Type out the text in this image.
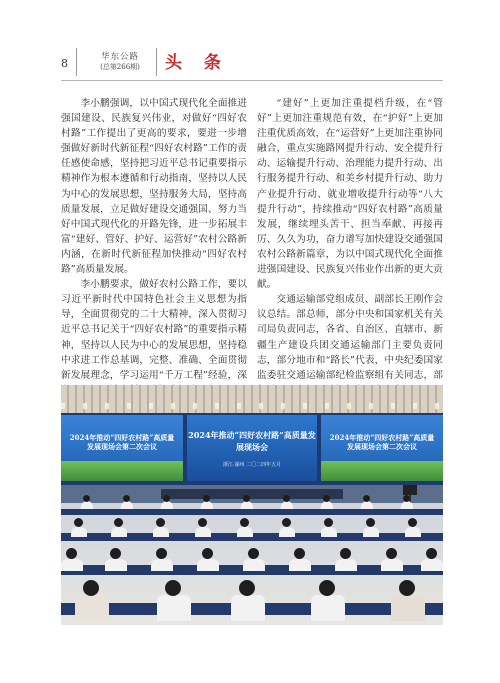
8	华东公路
(总第266期)	头 条

李小鹏强调，以中国式现代化全面推进强国建设、民族复兴伟业，对做好“四好农村路”工作提出了更高的要求，要进一步增强做好新时代新征程“四好农村路”工作的责任感使命感，坚持把习近平总书记重要指示精神作为根本遵循和行动指南，坚持以人民为中心的发展思想，坚持服务大局，坚持高质量发展，立足做好建设交通强国、努力当好中国式现代化的开路先锋，进一步拓展丰富“建好、管好、护好、运营好”农村公路新内涵，在新时代新征程加快推动“四好农村路”高质量发展。

李小鹏要求，做好农村公路工作，要以习近平新时代中国特色社会主义思想为指导，全面贯彻党的二十大精神，深入贯彻习近平总书记关于“四好农村路”的重要指示精神，坚持以人民为中心的发展思想，坚持稳中求进工作总基调，完整、准确、全面贯彻新发展理念，学习运用“千万工程”经验，深

“建好”上更加注重提档升级，在“管好”上更加注重规范有效，在“护好”上更加注重优质高效，在“运营好”上更加注重协同融合，重点实施路网提升行动、安全提升行动、运输提升行动、治理能力提升行动、出行服务提升行动、和美乡村提升行动、助力产业提升行动、就业增收提升行动等“八大提升行动”，持续推动“四好农村路”高质量发展，继续埋头苦干、担当奉献、再接再厉、久久为功，奋力谱写加快建设交通强国农村公路新篇章，为以中国式现代化全面推进强国建设、民族复兴伟业作出新的更大贡献。

交通运输部党组成员、副部长王刚作会议总结。部总师，部分中央和国家机关有关司局负责同志，各省、自治区、直辖市、新疆生产建设兵团交通运输部门主要负责同志，部分地市和“路长”代表，中央纪委国家监委驻交通运输部纪检监察组有关同志，部

2024年推动“四好农村路”高质量发展现场会第二次会议
2024年推动“四好农村路”高质量发展现场会
浙江·湖州 二〇二四年五月
2024年推动“四好农村路”高质量发展现场会第二次会议
